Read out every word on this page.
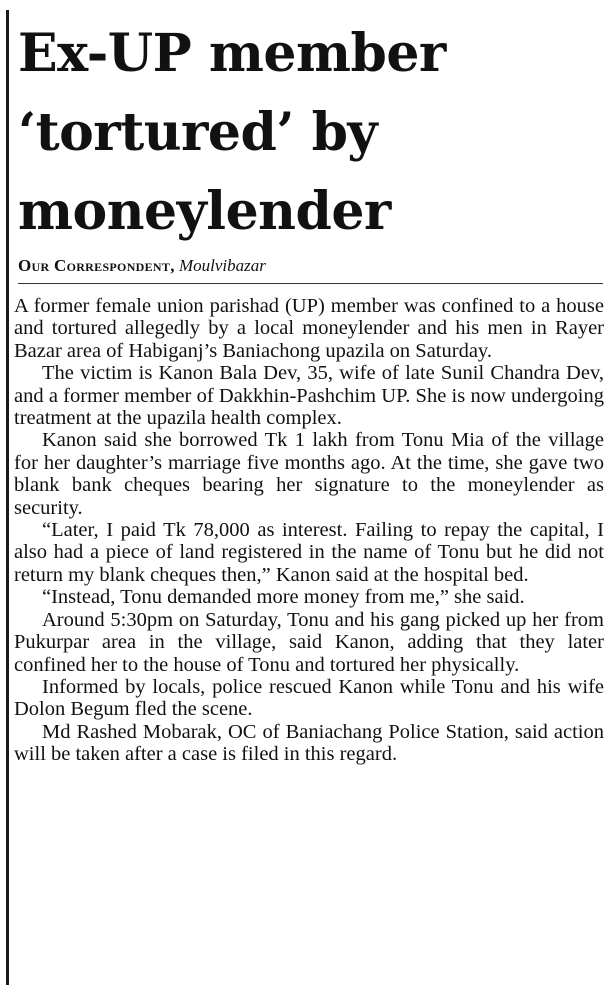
Ex-UP member
‘tortured’ by
moneylender

Our Correspondent, Moulvibazar

A former female union parishad (UP) member was confined to a house and tortured allegedly by a local moneylender and his men in Rayer Bazar area of Habiganj’s Baniachong upazila on Saturday.

The victim is Kanon Bala Dev, 35, wife of late Sunil Chandra Dev, and a former member of Dakkhin-Pashchim UP. She is now undergoing treatment at the upazila health complex.

Kanon said she borrowed Tk 1 lakh from Tonu Mia of the village for her daughter’s marriage five months ago. At the time, she gave two blank bank cheques bearing her signature to the moneylender as security.

“Later, I paid Tk 78,000 as interest. Failing to repay the capital, I also had a piece of land registered in the name of Tonu but he did not return my blank cheques then,” Kanon said at the hospital bed.

“Instead, Tonu demanded more money from me,” she said.

Around 5:30pm on Saturday, Tonu and his gang picked up her from Pukurpar area in the village, said Kanon, adding that they later confined her to the house of Tonu and tortured her physically.

Informed by locals, police rescued Kanon while Tonu and his wife Dolon Begum fled the scene.

Md Rashed Mobarak, OC of Baniachang Police Station, said action will be taken after a case is filed in this regard.
